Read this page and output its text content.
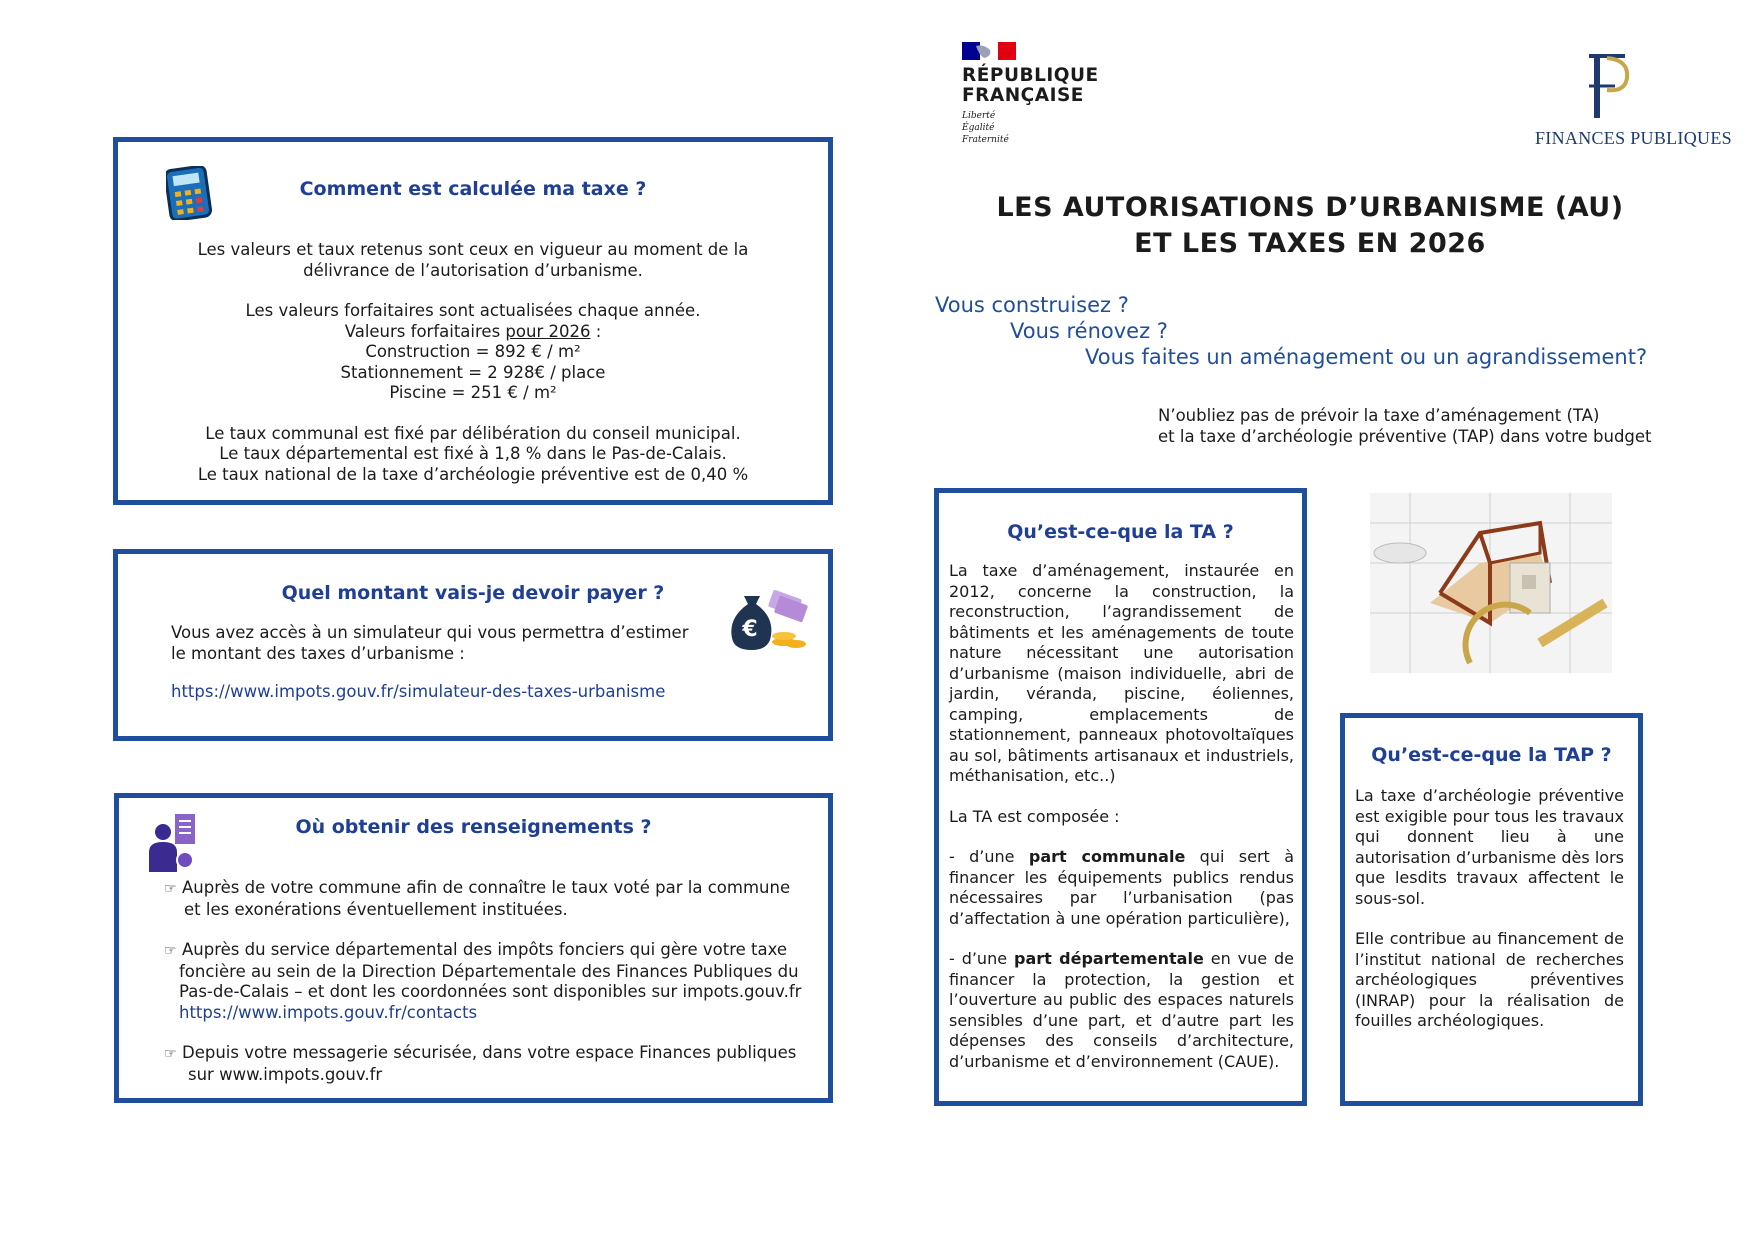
RÉPUBLIQUE
FRANÇAISE
Liberté
Égalité
Fraternité	FINANCES PUBLIQUES
LES AUTORISATIONS D’URBANISME (AU)
ET LES TAXES EN 2026
Vous construisez ?
Vous rénovez ?
Vous faites un aménagement ou un agrandissement?
N’oubliez pas de prévoir la taxe d’aménagement (TA)
et la taxe d’archéologie préventive (TAP) dans votre budget
Comment est calculée ma taxe ?
Les valeurs et taux retenus sont ceux en vigueur au moment de la
délivrance de l’autorisation d’urbanisme.
Les valeurs forfaitaires sont actualisées chaque année.
Valeurs forfaitaires pour 2026 :
Construction = 892 € / m²
Stationnement = 2 928€ / place
Piscine = 251 € / m²
Le taux communal est fixé par délibération du conseil municipal.
Le taux départemental est fixé à 1,8 % dans le Pas-de-Calais.
Le taux national de la taxe d’archéologie préventive est de 0,40 %
Quel montant vais-je devoir payer ?
Vous avez accès à un simulateur qui vous permettra d’estimer
le montant des taxes d’urbanisme :
https://www.impots.gouv.fr/simulateur-des-taxes-urbanisme
€
Où obtenir des renseignements ?
☞ Auprès de votre commune afin de connaître le taux voté par la commune
et les exonérations éventuellement instituées.
☞ Auprès du service départemental des impôts fonciers qui gère votre taxe
foncière au sein de la Direction Départementale des Finances Publiques du
Pas-de-Calais – et dont les coordonnées sont disponibles sur impots.gouv.fr
https://www.impots.gouv.fr/contacts
☞ Depuis votre messagerie sécurisée, dans votre espace Finances publiques
sur www.impots.gouv.fr
Qu’est-ce-que la TA ?
La taxe d’aménagement, instaurée en 2012, concerne la construction, la reconstruction, l’agrandissement de bâtiments et les aménagements de toute nature nécessitant une autorisation d’urbanisme (maison individuelle, abri de jardin, véranda, piscine, éoliennes, camping, emplacements de stationnement, panneaux photovoltaïques au sol, bâtiments artisanaux et industriels, méthanisation, etc..)
La TA est composée :
- d’une part communale qui sert à financer les équipements publics rendus nécessaires par l’urbanisation (pas d’affectation à une opération particulière),
- d’une part départementale en vue de financer la protection, la gestion et l’ouverture au public des espaces naturels sensibles d’une part, et d’autre part les dépenses des conseils d’architecture, d’urbanisme et d’environnement (CAUE).
Qu’est-ce-que la TAP ?
La taxe d’archéologie préventive est exigible pour tous les travaux qui donnent lieu à une autorisation d’urbanisme dès lors que lesdits travaux affectent le sous-sol.
Elle contribue au financement de l’institut national de recherches archéologiques préventives (INRAP) pour la réalisation de fouilles archéologiques.
